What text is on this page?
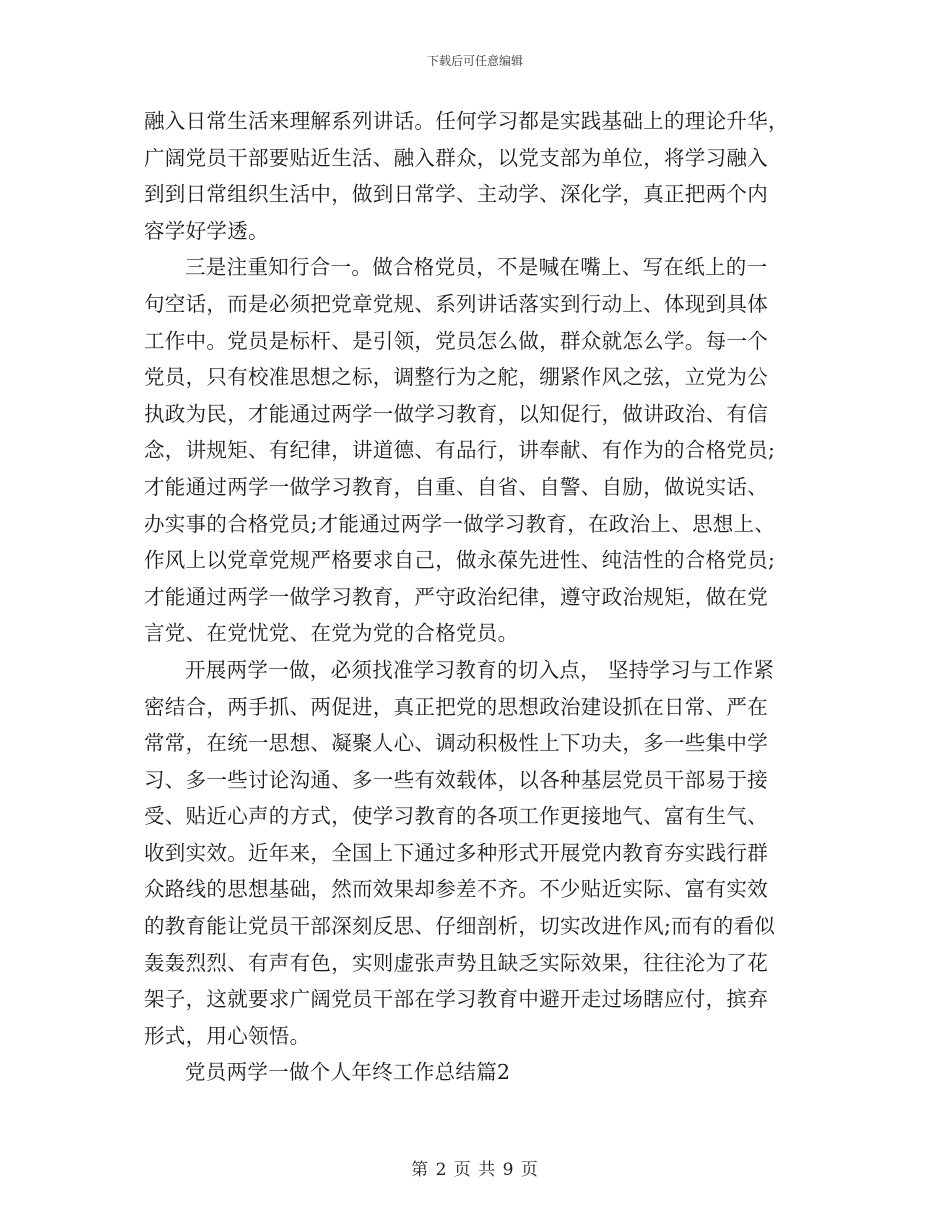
下载后可任意编辑
融入日常生活来理解系列讲话。任何学习都是实践基础上的理论升华，
广阔党员干部要贴近生活、融入群众，以党支部为单位，将学习融入
到到日常组织生活中，做到日常学、主动学、深化学，真正把两个内
容学好学透。
三是注重知行合一。做合格党员，不是喊在嘴上、写在纸上的一
句空话，而是必须把党章党规、系列讲话落实到行动上、体现到具体
工作中。党员是标杆、是引领，党员怎么做，群众就怎么学。每一个
党员，只有校准思想之标，调整行为之舵，绷紧作风之弦，立党为公
执政为民，才能通过两学一做学习教育，以知促行，做讲政治、有信
念，讲规矩、有纪律，讲道德、有品行，讲奉献、有作为的合格党员;
才能通过两学一做学习教育，自重、自省、自警、自励，做说实话、
办实事的合格党员;才能通过两学一做学习教育，在政治上、思想上、
作风上以党章党规严格要求自己，做永葆先进性、纯洁性的合格党员;
才能通过两学一做学习教育，严守政治纪律，遵守政治规矩，做在党
言党、在党忧党、在党为党的合格党员。
开展两学一做，必须找准学习教育的切入点， 坚持学习与工作紧
密结合，两手抓、两促进，真正把党的思想政治建设抓在日常、严在
常常，在统一思想、凝聚人心、调动积极性上下功夫，多一些集中学
习、多一些讨论沟通、多一些有效载体，以各种基层党员干部易于接
受、贴近心声的方式，使学习教育的各项工作更接地气、富有生气、
收到实效。近年来，全国上下通过多种形式开展党内教育夯实践行群
众路线的思想基础，然而效果却参差不齐。不少贴近实际、富有实效
的教育能让党员干部深刻反思、仔细剖析，切实改进作风;而有的看似
轰轰烈烈、有声有色，实则虚张声势且缺乏实际效果，往往沦为了花
架子，这就要求广阔党员干部在学习教育中避开走过场瞎应付，摈弃
形式，用心领悟。
党员两学一做个人年终工作总结篇2
第 2 页 共 9 页
